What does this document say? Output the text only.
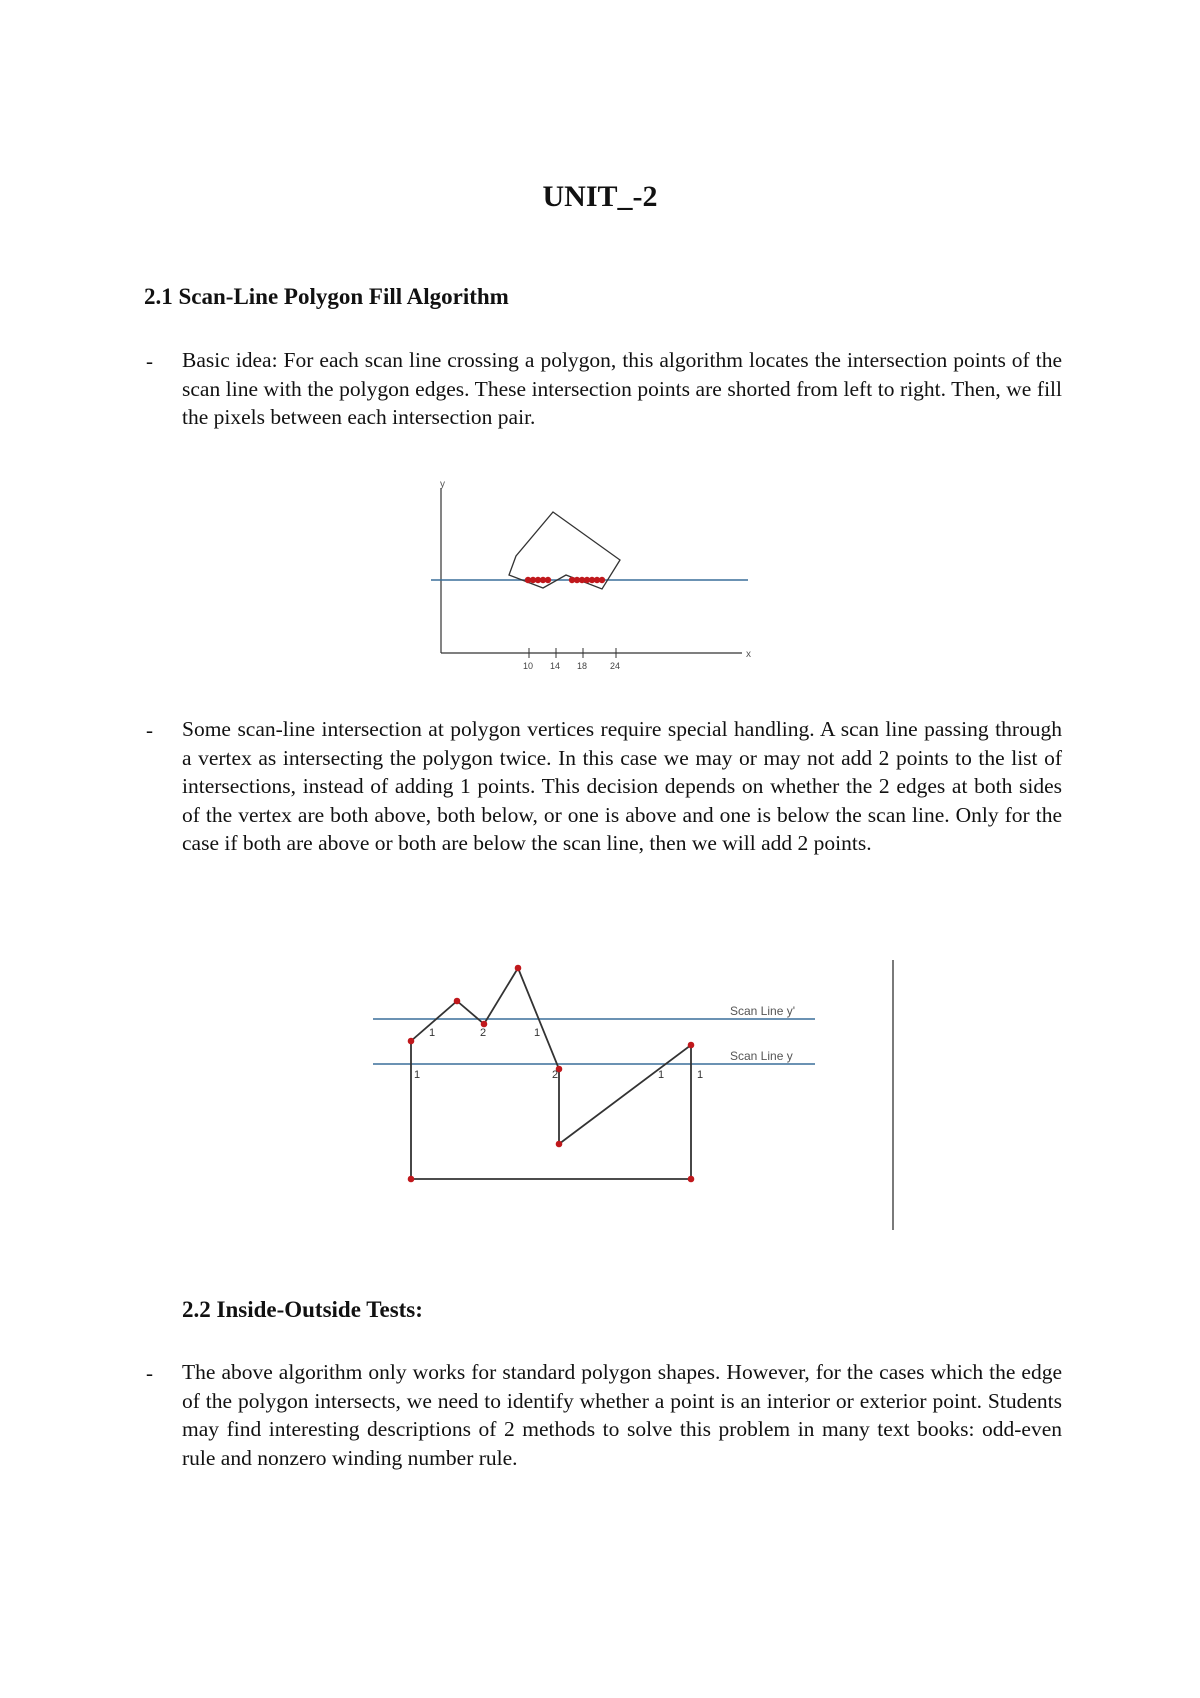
UNIT_-2
2.1 Scan-Line Polygon Fill Algorithm
- Basic idea: For each scan line crossing a polygon, this algorithm locates the intersection points of the scan line with the polygon edges. These intersection points are shorted from left to right. Then, we fill the pixels between each intersection pair.
y
x
10 14 18	24
- Some scan-line intersection at polygon vertices require special handling. A scan line passing through a vertex as intersecting the polygon twice. In this case we may or may not add 2 points to the list of intersections, instead of adding 1 points. This decision depends on whether the 2 edges at both sides of the vertex are both above, both below, or one is above and one is below the scan line. Only for the case if both are above or both are below the scan line, then we will add 2 points.
Scan Line y'
Scan Line y
1	2	1
1	2	1	1
2.2 Inside-Outside Tests:
- The above algorithm only works for standard polygon shapes. However, for the cases which the edge of the polygon intersects, we need to identify whether a point is an interior or exterior point. Students may find interesting descriptions of 2 methods to solve this problem in many text books: odd-even rule and nonzero winding number rule.
